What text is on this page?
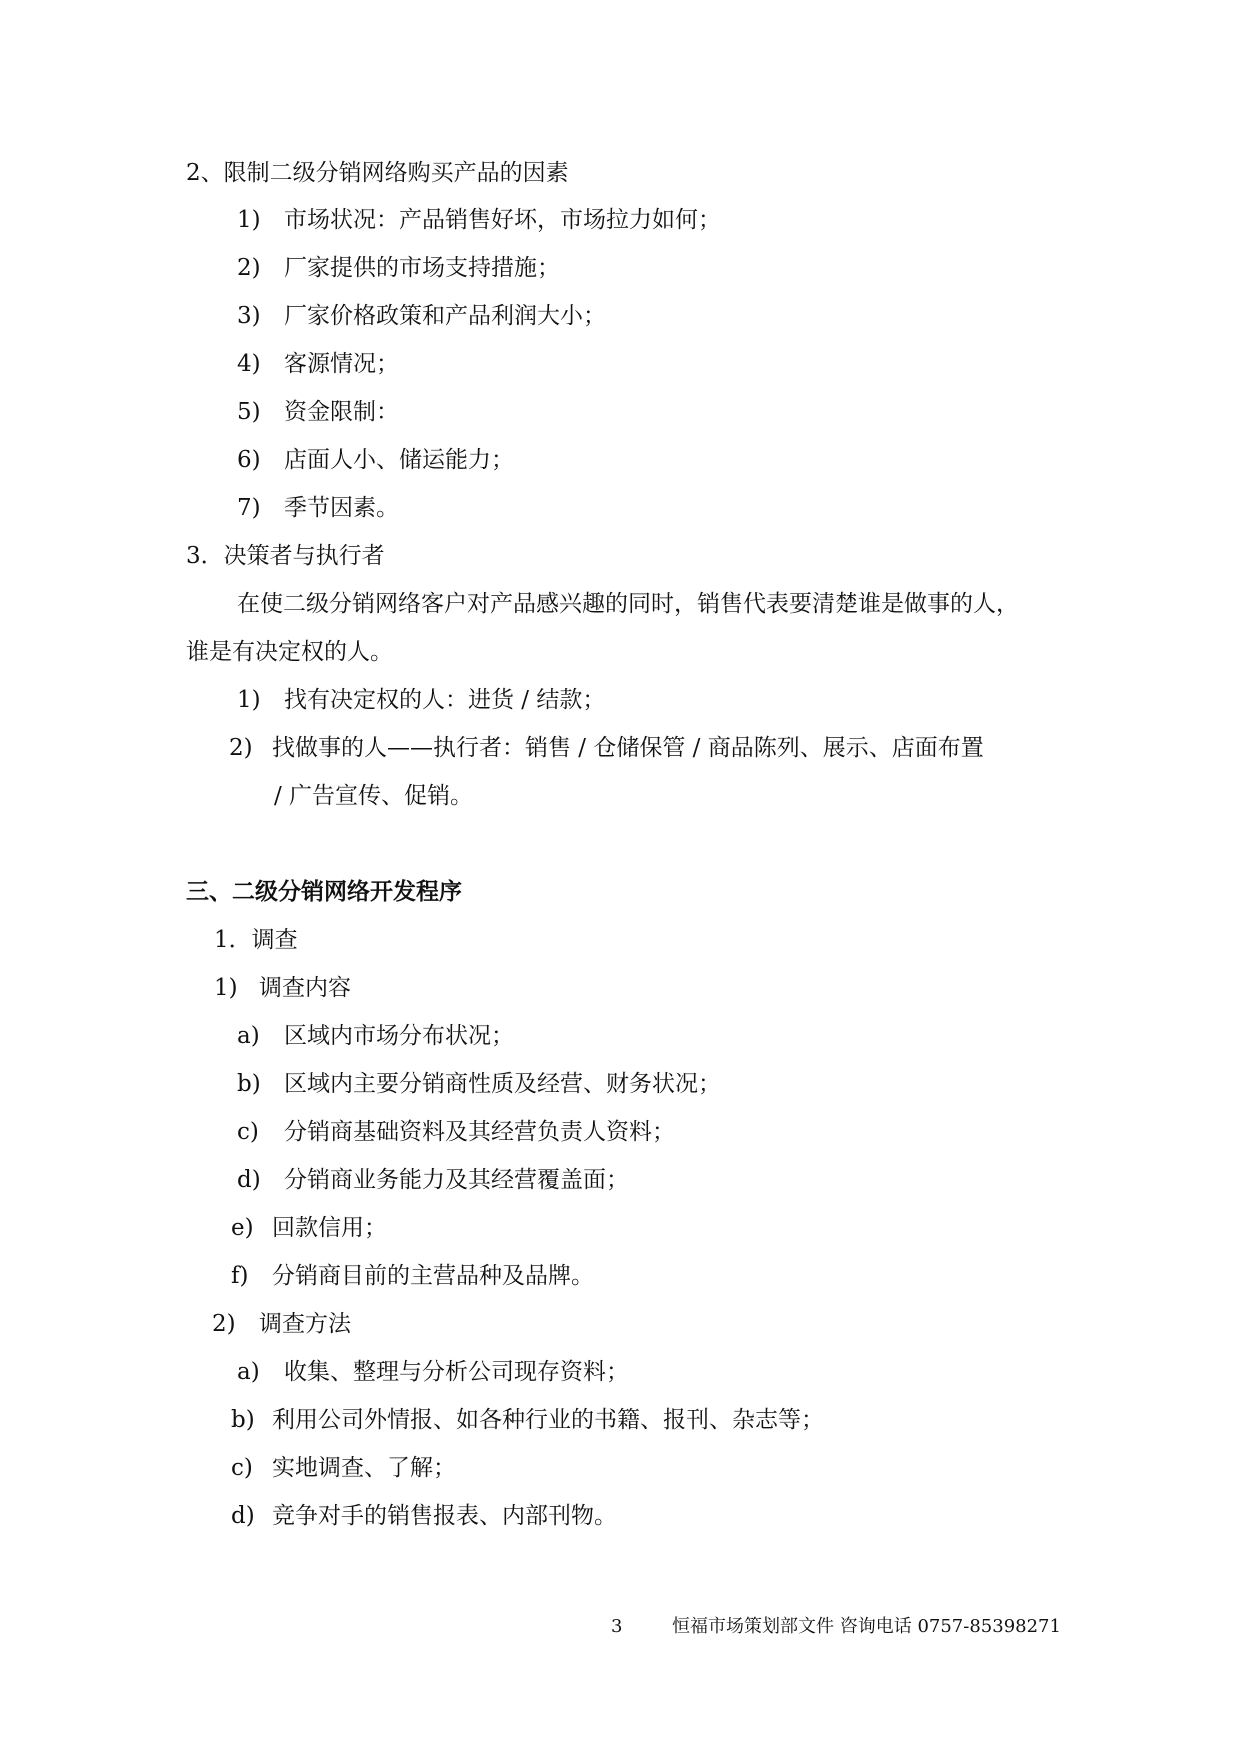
2、限制二级分销网络购买产品的因素
1) 市场状况：产品销售好坏，市场拉力如何；
2) 厂家提供的市场支持措施；
3) 厂家价格政策和产品利润大小；
4) 客源情况；
5) 资金限制：
6) 店面人小、储运能力；
7) 季节因素。
3．决策者与执行者
在使二级分销网络客户对产品感兴趣的同时，销售代表要清楚谁是做事的人，
谁是有决定权的人。
1) 找有决定权的人：进货 / 结款；
2) 找做事的人——执行者：销售 / 仓储保管 / 商品陈列、展示、店面布置
/ 广告宣传、促销。
三、二级分销网络开发程序
1．调查
1) 调查内容
a) 区域内市场分布状况；
b) 区域内主要分销商性质及经营、财务状况；
c) 分销商基础资料及其经营负责人资料；
d) 分销商业务能力及其经营覆盖面；
e) 回款信用；
f) 分销商目前的主营品种及品牌。
2) 调查方法
a) 收集、整理与分析公司现存资料；
b) 利用公司外情报、如各种行业的书籍、报刊、杂志等；
c) 实地调查、了解；
d) 竞争对手的销售报表、内部刊物。
3	恒福市场策划部文件 咨询电话 0757-85398271
